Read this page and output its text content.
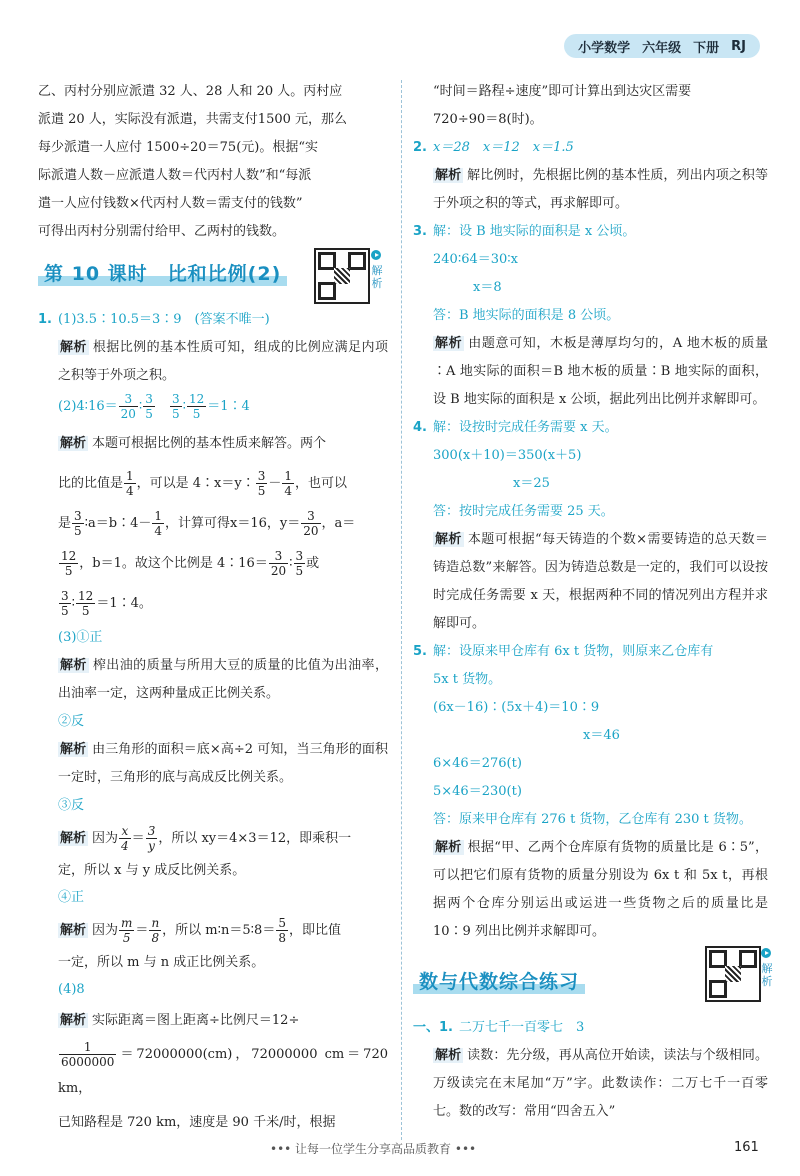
小学数学 六年级 下册 RJ

乙、丙村分别应派遣 32 人、28 人和 20 人。丙村应

派遣 20 人，实际没有派遣，共需支付1500 元，那么

每少派遣一人应付 1500÷20＝75(元)。根据“实

际派遣人数－应派遣人数＝代丙村人数”和“每派

遣一人应付钱数×代丙村人数＝需支付的钱数”

可得出丙村分别需付给甲、乙两村的钱数。

第 10 课时　比和比例(2)	解析

1. (1)3.5∶10.5＝3∶9　(答案不唯一)

解析 根据比例的基本性质可知，组成的比例应满足内项之积等于外项之积。

(2)4∶16＝ $\frac{3}{20}$ ∶ $\frac{3}{5}$
　 $\frac{3}{5}$ ∶ $\frac{12}{5}$ ＝1∶4

解析 本题可根据比例的基本性质来解答。两个

比的比值是 $\frac{1}{4}$ ，可以是 4∶x＝y∶ $\frac{3}{5} - \frac{1}{4}$ ，也可以

是 $\frac{3}{5}$ ∶a＝b∶4－ $\frac{1}{4}$ ，计算可得x＝16，$y= \frac{3}{20}$ ，a＝

$\frac{12}{5}$ ，b＝1。故这个比例是 4∶16＝ $\frac{3}{20}$ ∶ $\frac{3}{5}$ 或

$\frac{3}{5}$ ∶ $\frac{12}{5}$ ＝1∶4。

(3)①正

解析 榨出油的质量与所用大豆的质量的比值为出油率，出油率一定，这两种量成正比例关系。

②反

解析 由三角形的面积＝底×高÷2 可知，当三角形的面积一定时，三角形的底与高成反比例关系。

③反

解析 因为 $\frac{x}{4} = \frac{3}{y}$ ，所以 xy＝4×3＝12，即乘积一

定，所以 x 与 y 成反比例关系。

④正

解析 因为 $\frac{m}{5} = \frac{n}{8}$ ，所以 m∶n＝5∶8＝ $\frac{5}{8}$ ，即比值

一定，所以 m 与 n 成正比例关系。

(4)8

解析 实际距离＝图上距离÷比例尺＝12÷

$\frac{1}{6000000} =72000000(cm)$，72000000 cm＝720 km，

已知路程是 720 km，速度是 90 千米/时，根据

“时间＝路程÷速度”即可计算出到达灾区需要

720÷90＝8(时)。

2. x＝28　x＝12　x＝1.5

解析 解比例时，先根据比例的基本性质，列出内项之积等于外项之积的等式，再求解即可。

3. 解：设 B 地实际的面积是 x 公顷。

240∶64＝30∶x

x＝8

答：B 地实际的面积是 8 公顷。

解析 由题意可知，木板是薄厚均匀的，A 地木板的质量∶A 地实际的面积＝B 地木板的质量∶B 地实际的面积，设 B 地实际的面积是 x 公顷，据此列出比例并求解即可。

4. 解：设按时完成任务需要 x 天。

300(x＋10)＝350(x＋5)

x＝25

答：按时完成任务需要 25 天。

解析 本题可根据“每天铸造的个数×需要铸造的总天数＝铸造总数”来解答。因为铸造总数是一定的，我们可以设按时完成任务需要 x 天，根据两种不同的情况列出方程并求解即可。

5. 解：设原来甲仓库有 6x t 货物，则原来乙仓库有

5x t 货物。

(6x－16)∶(5x＋4)＝10∶9

x＝46

6×46＝276(t)

5×46＝230(t)

答：原来甲仓库有 276 t 货物，乙仓库有 230 t 货物。

解析 根据“甲、乙两个仓库原有货物的质量比是 6∶5”，可以把它们原有货物的质量分别设为 6x t 和 5x t，再根据两个仓库分别运出或运进一些货物之后的质量比是 10∶9 列出比例并求解即可。

数与代数综合练习
解析

一、1. 二万七千一百零七　3

解析 读数：先分级，再从高位开始读，读法与个级相同。万级读完在末尾加“万”字。此数读作：二万七千一百零七。数的改写：常用“四舍五入”

••• 让每一位学生分享高品质教育 •••	161
